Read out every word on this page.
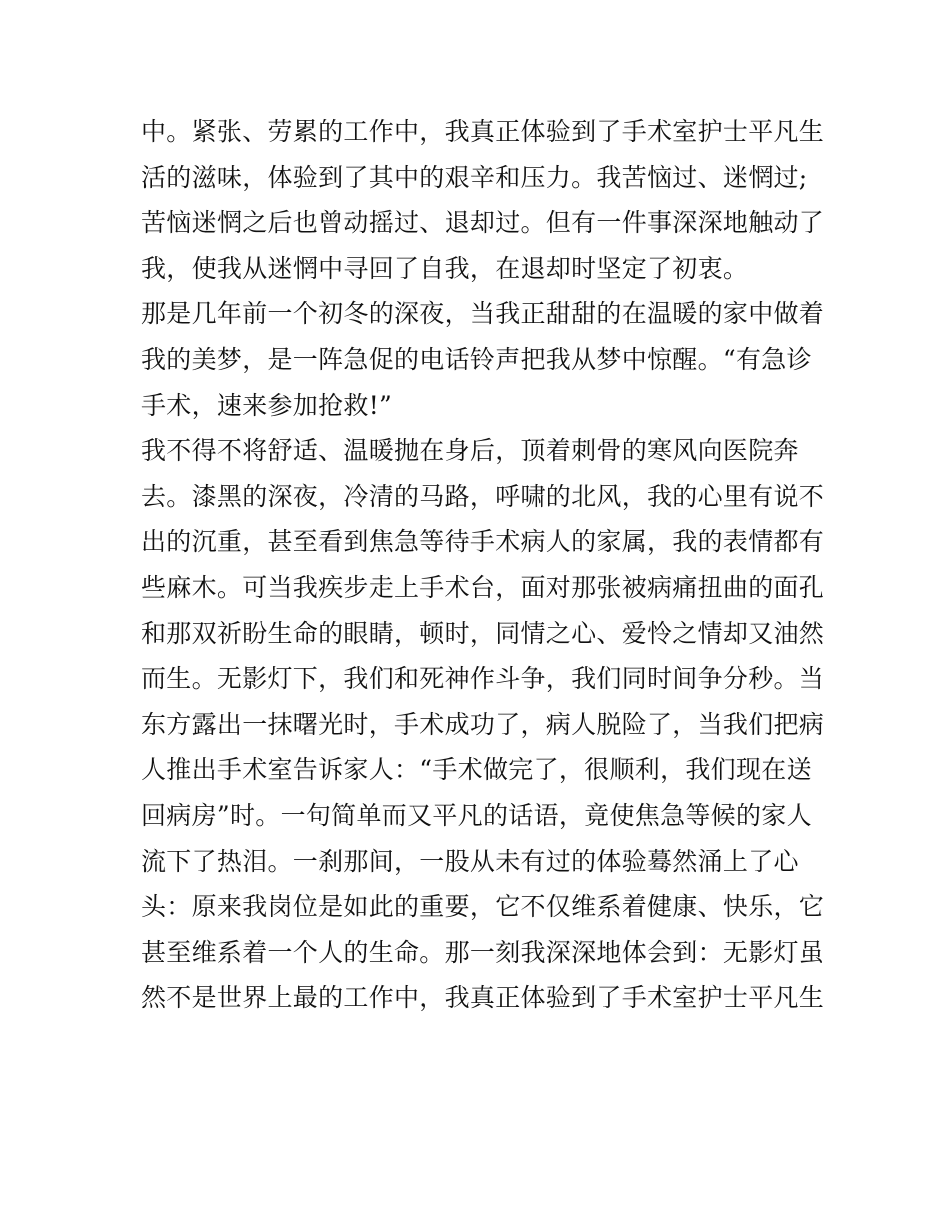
中。紧张、劳累的工作中，我真正体验到了手术室护士平凡生
活的滋味，体验到了其中的艰辛和压力。我苦恼过、迷惘过;
苦恼迷惘之后也曾动摇过、退却过。但有一件事深深地触动了
我，使我从迷惘中寻回了自我，在退却时坚定了初衷。
那是几年前一个初冬的深夜，当我正甜甜的在温暖的家中做着
我的美梦，是一阵急促的电话铃声把我从梦中惊醒。“有急诊
手术，速来参加抢救!”
我不得不将舒适、温暖抛在身后，顶着刺骨的寒风向医院奔
去。漆黑的深夜，冷清的马路，呼啸的北风，我的心里有说不
出的沉重，甚至看到焦急等待手术病人的家属，我的表情都有
些麻木。可当我疾步走上手术台，面对那张被病痛扭曲的面孔
和那双祈盼生命的眼睛，顿时，同情之心、爱怜之情却又油然
而生。无影灯下，我们和死神作斗争，我们同时间争分秒。当
东方露出一抹曙光时，手术成功了，病人脱险了，当我们把病
人推出手术室告诉家人：“手术做完了，很顺利，我们现在送
回病房”时。一句简单而又平凡的话语，竟使焦急等候的家人
流下了热泪。一刹那间，一股从未有过的体验蓦然涌上了心
头：原来我岗位是如此的重要，它不仅维系着健康、快乐，它
甚至维系着一个人的生命。那一刻我深深地体会到：无影灯虽
然不是世界上最的工作中，我真正体验到了手术室护士平凡生
